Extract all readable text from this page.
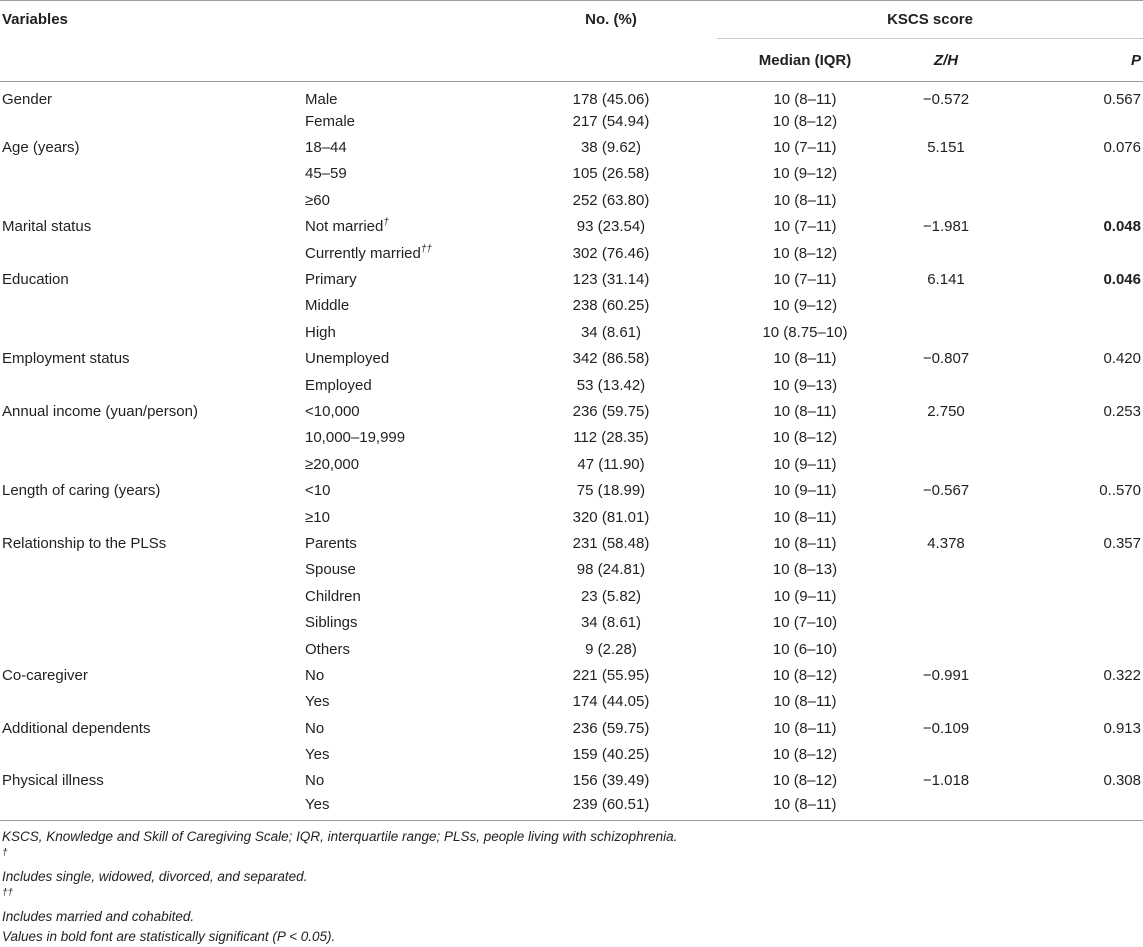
Variables		No. (%)	KSCS score		
			Median (IQR)	Z/H	P
Gender	Male	178 (45.06)	10 (8–11)	−0.572	0.567
	Female	217 (54.94)	10 (8–12)		
Age (years)	18–44	38 (9.62)	10 (7–11)	5.151	0.076
	45–59	105 (26.58)	10 (9–12)		
	≥60	252 (63.80)	10 (8–11)		
Marital status	Not married†	93 (23.54)	10 (7–11)	−1.981	0.048
	Currently married††	302 (76.46)	10 (8–12)		
Education	Primary	123 (31.14)	10 (7–11)	6.141	0.046
	Middle	238 (60.25)	10 (9–12)		
	High	34 (8.61)	10 (8.75–10)		
Employment status	Unemployed	342 (86.58)	10 (8–11)	−0.807	0.420
	Employed	53 (13.42)	10 (9–13)		
Annual income (yuan/person)	<10,000	236 (59.75)	10 (8–11)	2.750	0.253
	10,000–19,999	112 (28.35)	10 (8–12)		
	≥20,000	47 (11.90)	10 (9–11)		
Length of caring (years)	<10	75 (18.99)	10 (9–11)	−0.567	0..570
	≥10	320 (81.01)	10 (8–11)		
Relationship to the PLSs	Parents	231 (58.48)	10 (8–11)	4.378	0.357
	Spouse	98 (24.81)	10 (8–13)		
	Children	23 (5.82)	10 (9–11)		
	Siblings	34 (8.61)	10 (7–10)		
	Others	9 (2.28)	10 (6–10)		
Co-caregiver	No	221 (55.95)	10 (8–12)	−0.991	0.322
	Yes	174 (44.05)	10 (8–11)		
Additional dependents	No	236 (59.75)	10 (8–11)	−0.109	0.913
	Yes	159 (40.25)	10 (8–12)		
Physical illness	No	156 (39.49)	10 (8–12)	−1.018	0.308
	Yes	239 (60.51)	10 (8–11)		
KSCS, Knowledge and Skill of Caregiving Scale; IQR, interquartile range; PLSs, people living with schizophrenia.
†
Includes single, widowed, divorced, and separated.
††
Includes married and cohabited.
Values in bold font are statistically significant (P < 0.05).
